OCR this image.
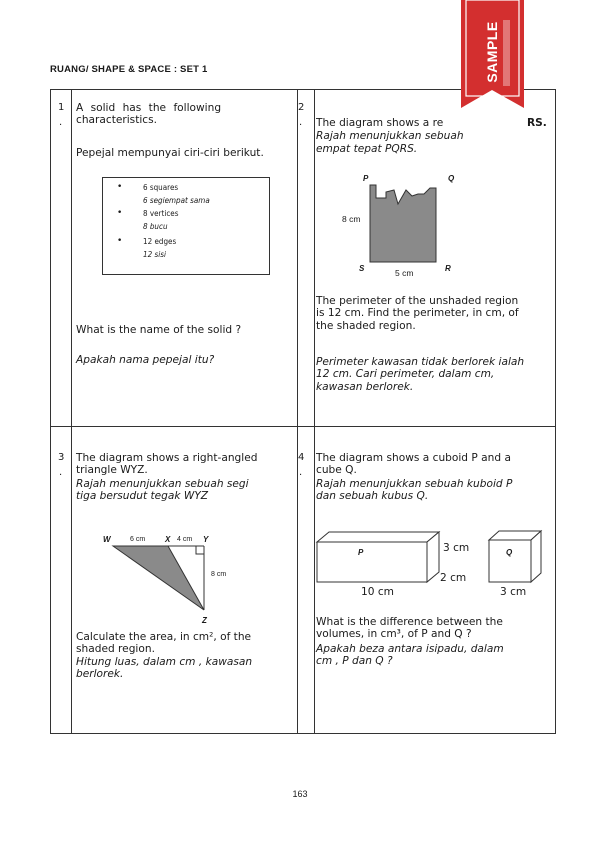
RUANG/ SHAPE & SPACE : SET 1
1
.
A solid has the following
characteristics.
Pepejal mempunyai ciri-ciri berikut.
•	6 squares
6 segiempat sama
•	8 vertices
8 bucu
•	12 edges
12 sisi
What is the name of the solid ?
Apakah nama pepejal itu?
2
. The diagram shows a re	RS.
Rajah menunjukkan sebuah
empat tepat PQRS.
P	Q
S	R
8 cm
5 cm
The perimeter of the unshaded region
is 12 cm. Find the perimeter, in cm, of
the shaded region.
Perimeter kawasan tidak berlorek ialah
12 cm. Cari perimeter, dalam cm,
kawasan berlorek.
3
.
The diagram shows a right-angled
triangle WYZ.
Rajah menunjukkan sebuah segi
tiga bersudut tegak WYZ
W	6 cm X 4 cm Y
8 cm
Z
Calculate the area, in cm², of the
shaded region.
Hitung luas, dalam cm , kawasan
berlorek.
4
.
The diagram shows a cuboid P and a
cube Q.
Rajah menunjukkan sebuah kuboid P
dan sebuah kubus Q.
P	3 cm
2 cm
10 cm
Q
3 cm
What is the difference between the
volumes, in cm³, of P and Q ?
Apakah beza antara isipadu, dalam
cm , P dan Q ?
SAMPLE
163
